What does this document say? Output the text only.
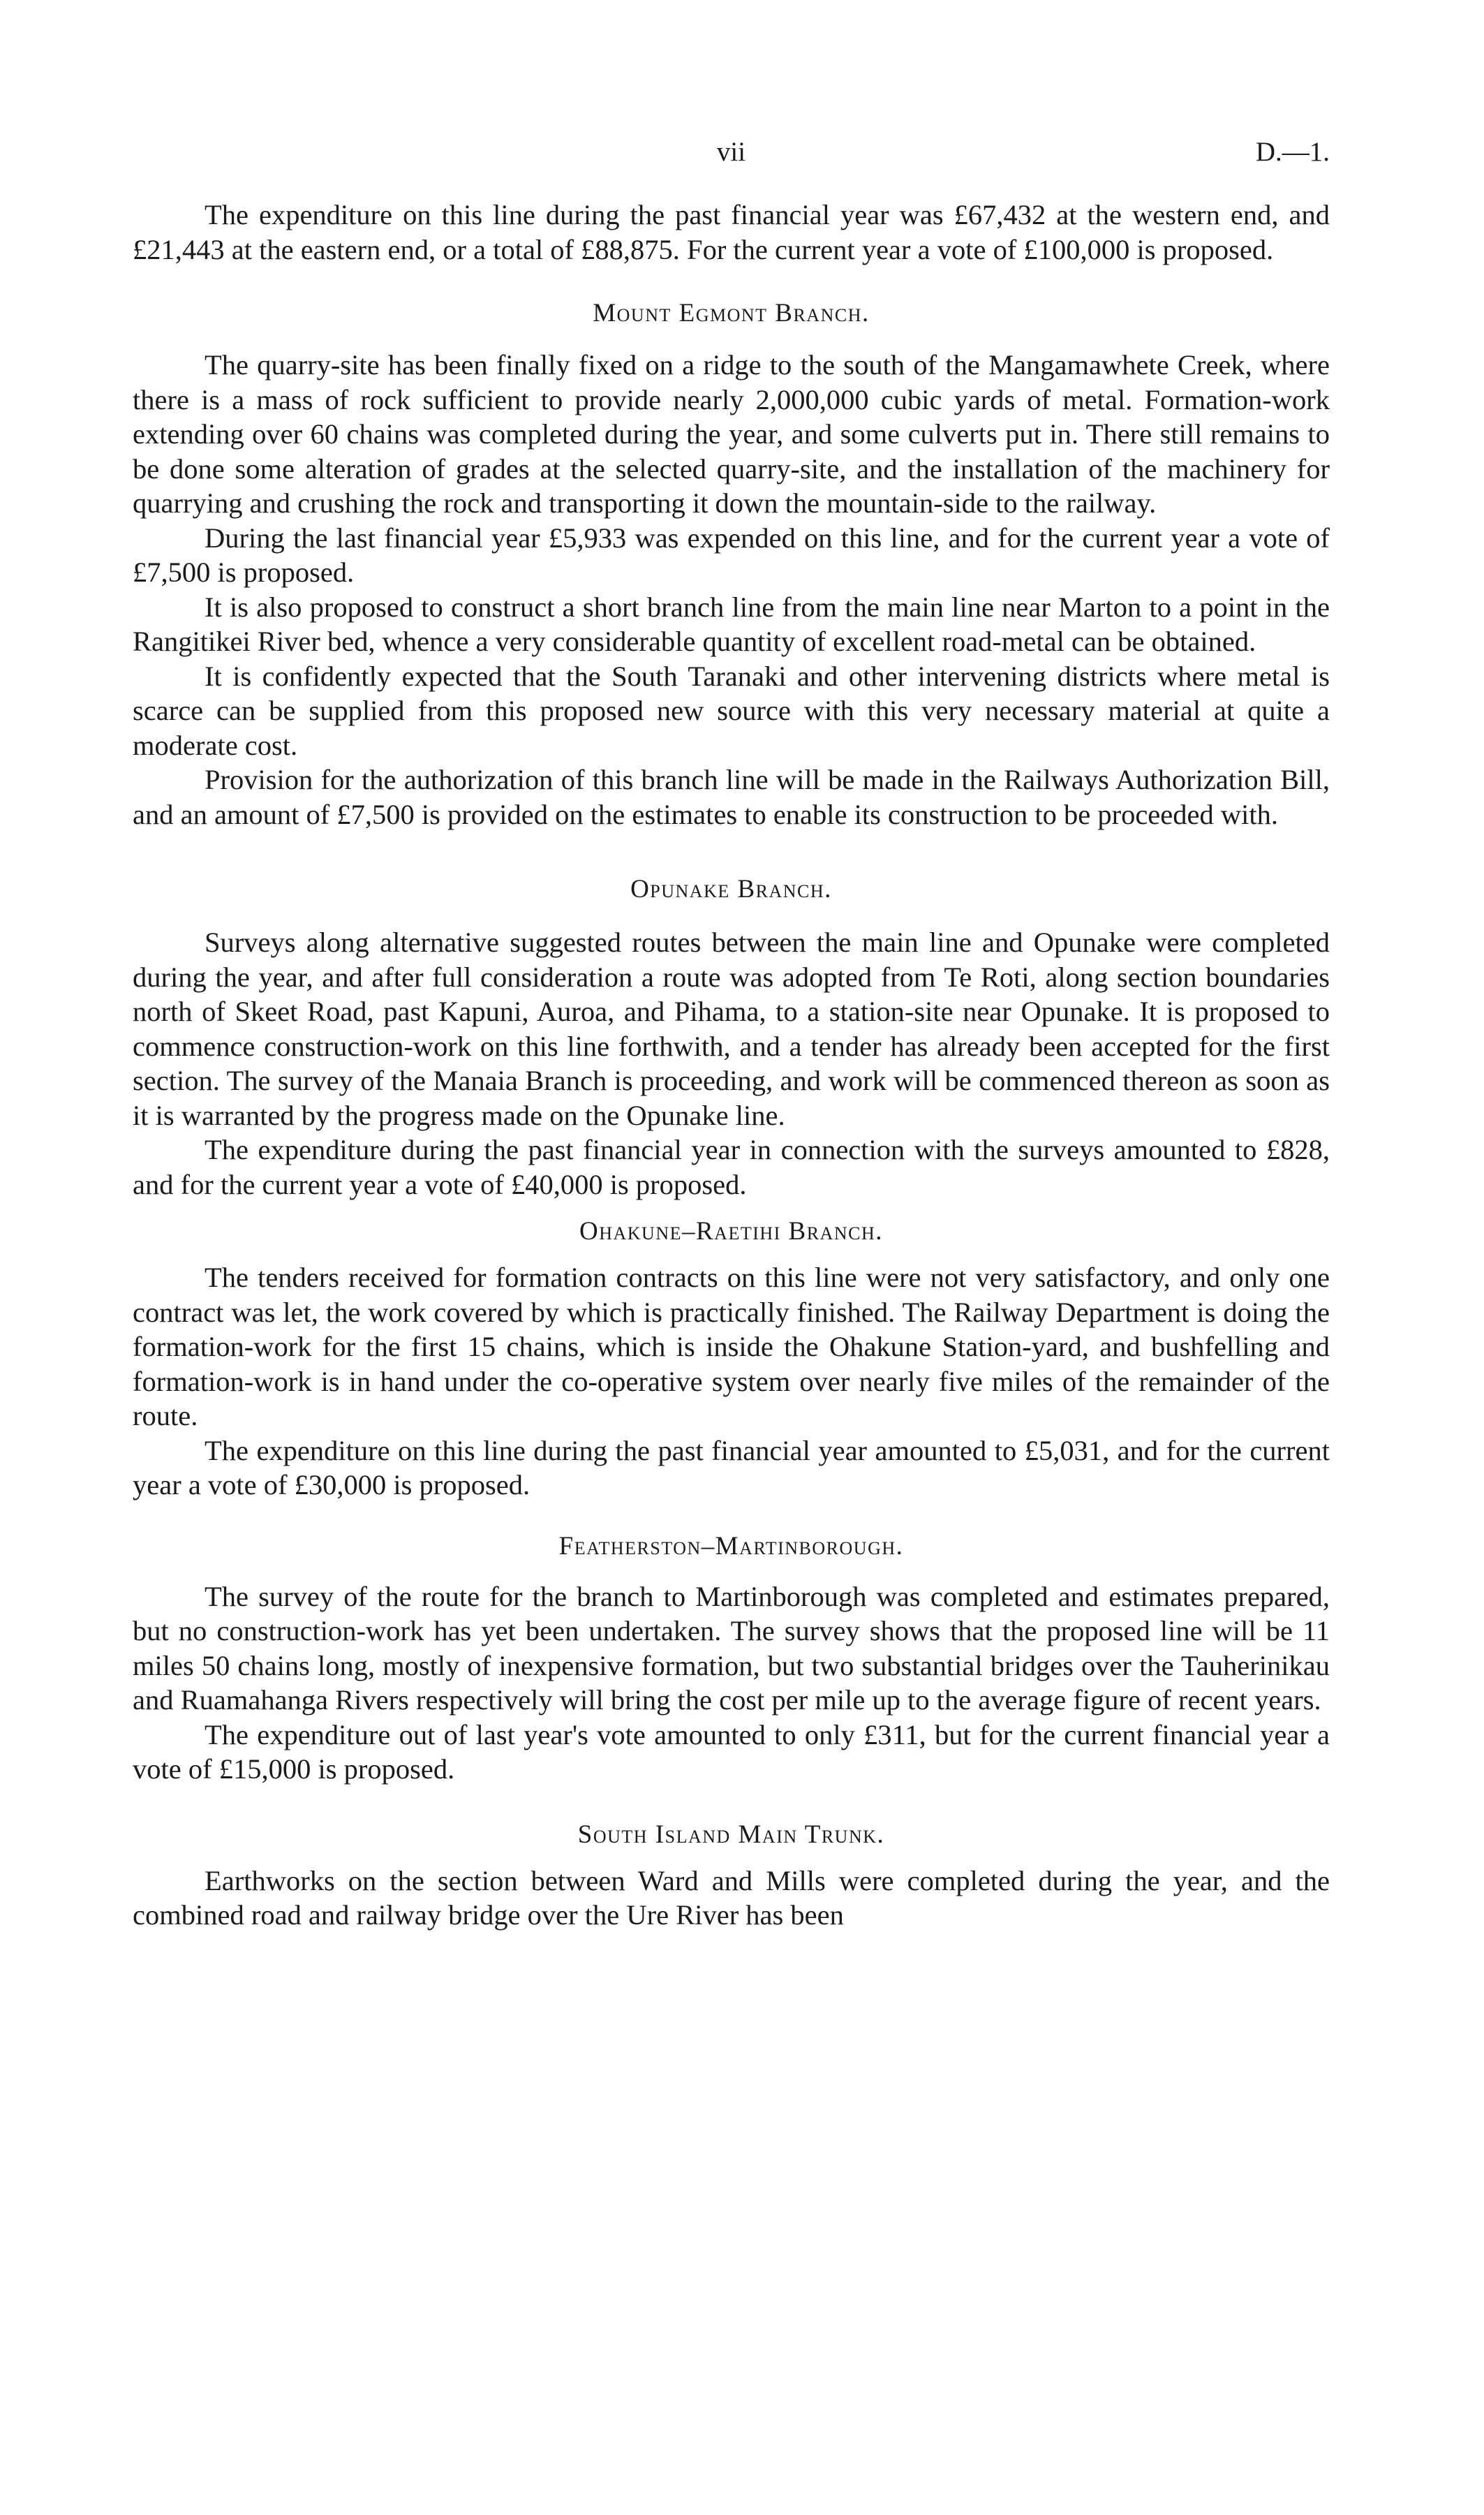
vii	D.—1.

The expenditure on this line during the past financial year was £67,432 at the western end, and £21,443 at the eastern end, or a total of £88,875. For the current year a vote of £100,000 is proposed.

Mount Egmont Branch.

The quarry-site has been finally fixed on a ridge to the south of the Mangamawhete Creek, where there is a mass of rock sufficient to provide nearly 2,000,000 cubic yards of metal. Formation-work extending over 60 chains was completed during the year, and some culverts put in. There still remains to be done some alteration of grades at the selected quarry-site, and the installation of the machinery for quarrying and crushing the rock and transporting it down the mountain-side to the railway.

During the last financial year £5,933 was expended on this line, and for the current year a vote of £7,500 is proposed.

It is also proposed to construct a short branch line from the main line near Marton to a point in the Rangitikei River bed, whence a very considerable quantity of excellent road-metal can be obtained.

It is confidently expected that the South Taranaki and other intervening districts where metal is scarce can be supplied from this proposed new source with this very necessary material at quite a moderate cost.

Provision for the authorization of this branch line will be made in the Railways Authorization Bill, and an amount of £7,500 is provided on the estimates to enable its construction to be proceeded with.

Opunake Branch.

Surveys along alternative suggested routes between the main line and Opunake were completed during the year, and after full consideration a route was adopted from Te Roti, along section boundaries north of Skeet Road, past Kapuni, Auroa, and Pihama, to a station-site near Opunake. It is proposed to commence construction-work on this line forthwith, and a tender has already been accepted for the first section. The survey of the Manaia Branch is proceeding, and work will be commenced thereon as soon as it is warranted by the progress made on the Opunake line.

The expenditure during the past financial year in connection with the surveys amounted to £828, and for the current year a vote of £40,000 is proposed.

Ohakune–Raetihi Branch.

The tenders received for formation contracts on this line were not very satisfactory, and only one contract was let, the work covered by which is practically finished. The Railway Department is doing the formation-work for the first 15 chains, which is inside the Ohakune Station-yard, and bushfelling and formation-work is in hand under the co-operative system over nearly five miles of the remainder of the route.

The expenditure on this line during the past financial year amounted to £5,031, and for the current year a vote of £30,000 is proposed.

Featherston–Martinborough.

The survey of the route for the branch to Martinborough was completed and estimates prepared, but no construction-work has yet been undertaken. The survey shows that the proposed line will be 11 miles 50 chains long, mostly of inexpensive formation, but two substantial bridges over the Tauherinikau and Ruamahanga Rivers respectively will bring the cost per mile up to the average figure of recent years.

The expenditure out of last year's vote amounted to only £311, but for the current financial year a vote of £15,000 is proposed.

South Island Main Trunk.

Earthworks on the section between Ward and Mills were completed during the year, and the combined road and railway bridge over the Ure River has been
